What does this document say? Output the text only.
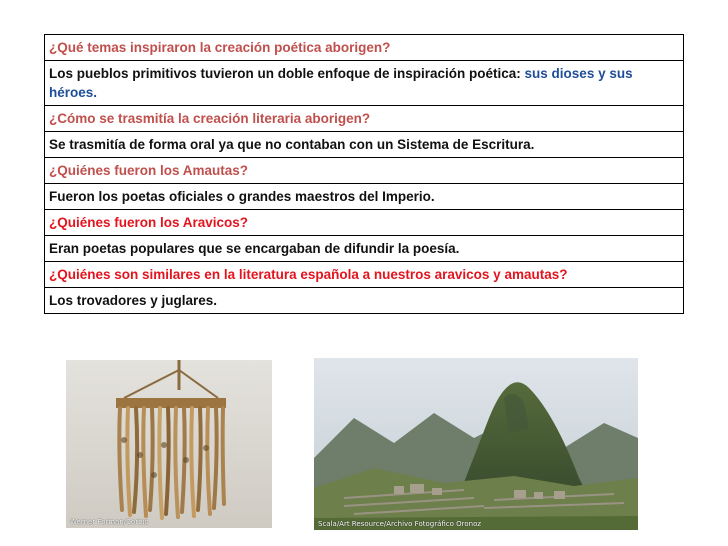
¿Qué temas inspiraron la creación poética aborigen?
Los pueblos primitivos tuvieron un doble enfoque de inspiración poética: sus dioses y sus héroes.
¿Cómo se trasmitía la creación literaria aborigen?
Se trasmitía de forma oral ya que no contaban con un Sistema de Escritura.
¿Quiénes fueron los Amautas?
Fueron los poetas oficiales o grandes maestros del Imperio.
¿Quiénes fueron los Aravicos?
Eran poetas populares que se encargaban de difundir la poesía.
¿Quiénes son similares en la literatura española a nuestros aravicos y amautas?
Los trovadores y juglares.
Werner Forman/Corbis	Scala/Art Resource/Archivo Fotográfico Oronoz
